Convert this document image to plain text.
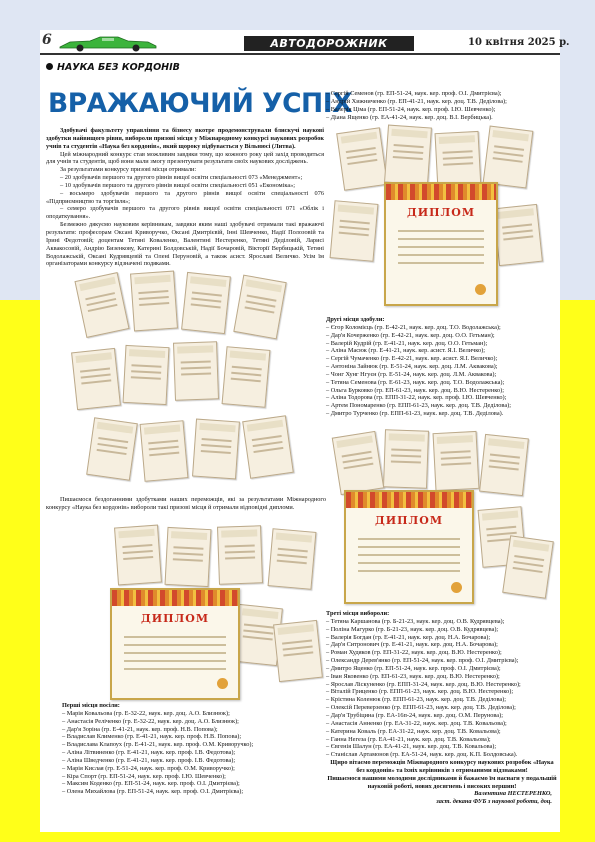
6	АВТОДОРОЖНИК	10 квітня 2025 р.
НАУКА БЕЗ КОРДОНІВ
ВРАЖАЮЧИЙ УСПІХ

Здобувачі факультету управління та бізнесу вкотре продемонстрували блискучі наукові здобутки найвищого рівня, вибороли призові місця у Міжнародному конкурсі наукових розробок учнів та студентів «Наука без кордонів», який щороку відбувається у Вільнюсі (Литва).

Цей міжнародний конкурс став можливим завдяки тому, що кожного року цей захід проводиться для учнів та студентів, щоб вони мали змогу презентувати результати своїх наукових досліджень.

За результатами конкурсу призові місця отримали:

– 20 здобувачів першого та другого рівнів вищої освіти спеціальності 073 «Менеджмент»;

– 10 здобувачів першого та другого рівнів вищої освіти спеціальності 051 «Економіка»;

– восьмеро здобувачів першого та другого рівнів вищої освіти спеціальності 076 «Підприємництво та торгівля»;

– семеро здобувачів першого та другого рівнів вищої освіти спеціальності 071 «Облік і оподаткування».

Безмежно дякуємо науковим керівникам, завдяки яким наші здобувачі отримали такі вражаючі результати: професорам Оксані Криворучко, Оксані Дмитрієвій, Інні Шевченко, Надії Полозовій та Ірині Федотовій; доцентам Тетяні Коваленко, Валентині Нестеренко, Тетяні Деділовій, Ларисі Аквакосовій, Андрію Бизенкову, Катерині Болдовській, Надії Бочаровій, Вікторії Вербицькій, Тетяні Водолажській, Оксані Кудрявцевій та Олені Перуновій, а також асист. Ярославі Величко. Усім їм організаторами конкурсу відзначені подяками.

– Сергій Семенов (гр. ЕП-51-24, наук. кер. проф. О.І. Дмитрієва);

– Андрій Хижниченко (гр. ЕП-41-21, наук. кер. доц. Т.В. Деділова);

– Валерія Ціма (гр. ЕП-51-24, наук. кер. проф. І.Ю. Шевченко);

– Діана Ященко (гр. ЕА-41-24, наук. кер. доц. В.І. Вербицька).

ДИПЛОМ

Другі місця здобули:

– Єгор Коломієць (гр. Е-42-21, наук. кер. доц. Т.О. Водолажська);

– Дар'я Кочерженко (гр. Е-42-21, наук. кер. доц. О.О. Гетьман);

– Валерій Кудрій (гр. Е-41-21, наук. кер. доц. О.О. Гетьман);

– Аліна Масюк (гр. Е-41-21, наук. кер. асист. Я.І. Величко);

– Сергій Чумаченко (гр. Е-42-21, наук. кер. асист. Я.І. Величко);

– Антоніна Зайнюк (гр. Е-51-24, наук. кер. доц. Л.М. Аквакова);

– Чонг Хунг Нгуєн (гр. Е-51-24, наук. кер. доц. Л.М. Аквакова);

– Тетяна Семенова (гр. Е-61-23, наук. кер. доц. Т.О. Водолажська);

– Ольга Бурковко (гр. ЕП-61-23, наук. кер. доц. В.Ю. Нестеренко);

– Аліна Тодорова (гр. ЕПП-31-22, наук. кер. проф. І.Ю. Шевченко);

– Артем Пономаренко (гр. ЕПП-61-23, наук. кер. доц. Т.В. Деділова);

– Дмитро Турченко (гр. ЕПП-61-23, наук. кер. доц. Т.В. Деділова).

Пишаємося бездоганними здобутками наших переможців, які за результатами Міжнародного конкурсу «Наука без кордонів» вибороли такі призові місця й отримали відповідні дипломи.

ДИПЛОМ
ДИПЛОМ

Перші місця посіли:

– Марія Ковальова (гр. Е-32-22, наук. кер. доц. А.О. Близнюк);

– Анастасія Реліченко (гр. Е-32-22, наук. кер. доц. А.О. Близнюк);

– Дар'я Зоріна (гр. Е-41-21, наук. кер. проф. Н.В. Попова);

– Владислав Клименко (гр. Е-41-21, наук. кер. проф. Н.В. Попова);

– Владислава Клапоух (гр. Е-41-21, наук. кер. проф. О.М. Криворучко);

– Аліна Літвиненко (гр. Е-41-21, наук. кер. проф. І.В. Федотова);

– Аліна Шведченко (гр. Е-41-21, наук. кер. проф. І.В. Федотова);

– Марія Кислая (гр. Е-51-24, наук. кер. проф. О.М. Криворучко);

– Кіра Спорт (гр. ЕП-51-24, наук. кер. проф. І.Ю. Шевченко);

– Максим Коденко (гр. ЕП-51-24, наук. кер. проф. О.І. Дмитрієва);

– Олена Михайлова (гр. ЕП-51-24, наук. кер. проф. О.І. Дмитрієва);

Треті місця вибороли:

– Тетяна Каршанова (гр. Б-21-23, наук. кер. доц. О.В. Кудрявцева);

– Поліна Магурко (гр. Б-21-23, наук. кер. доц. О.В. Кудрявцева);

– Валерія Богдан (гр. Е-41-21, наук. кер. доц. Н.А. Бочарова);

– Дар'я Ситронович (гр. Е-41-21, наук. кер. доц. Н.А. Бочарова);

– Роман Худяков (гр. ЕП-31-22, наук. кер. доц. В.Ю. Нестеренко);

– Олександр Дерев'янко (гр. ЕП-51-24, наук. кер. проф. О.І. Дмитрієва);

– Дмитро Яценко (гр. ЕП-51-24, наук. кер. проф. О.І. Дмитрієва);

– Іван Яковенко (гр. ЕП-61-23, наук. кер. доц. В.Ю. Нестеренко);

– Ярослав Ліскуненко (гр. ЕПП-31-24, наук. кер. доц. В.Ю. Нестеренко);

– Віталій Гриценко (гр. ЕПП-61-23, наук. кер. доц. В.Ю. Нестеренко);

– Крістина Коленюк (гр. ЕПП-61-23, наук. кер. доц. Т.В. Деділова);

– Олексій Переверзенко (гр. ЕПП-61-23, наук. кер. доц. Т.В. Деділова);

– Дар'я Трубіцина (гр. ЕА-16п-24, наук. кер. доц. О.М. Перунова);

– Анастасія Анненко (гр. ЕА-31-22, наук. кер. доц. Т.В. Ковальова);

– Катерина Коваль (гр. ЕА-31-22, наук. кер. доц. Т.В. Ковальова);

– Ганна Негеза (гр. ЕА-41-21, наук. кер. доц. Т.В. Ковальова);

– Євгенія Шалун (гр. ЕА-41-21, наук. кер. доц. Т.В. Ковальова);

– Станіслав Артамонов (гр. ЕА-51-24, наук. кер. доц. К.П. Болдовська).

Щиро вітаємо переможців Міжнародного конкурсу наукових розробок «Наука без кордонів» та їхніх керівників з отриманими відзнаками!

Пишаємося нашими молодими дослідниками й бажаємо їм наснаги у подальшій науковій роботі, нових досягнень і високих вершин!

Валентина НЕСТЕРЕНКО,

заст. декана ФУБ з наукової роботи, доц.
